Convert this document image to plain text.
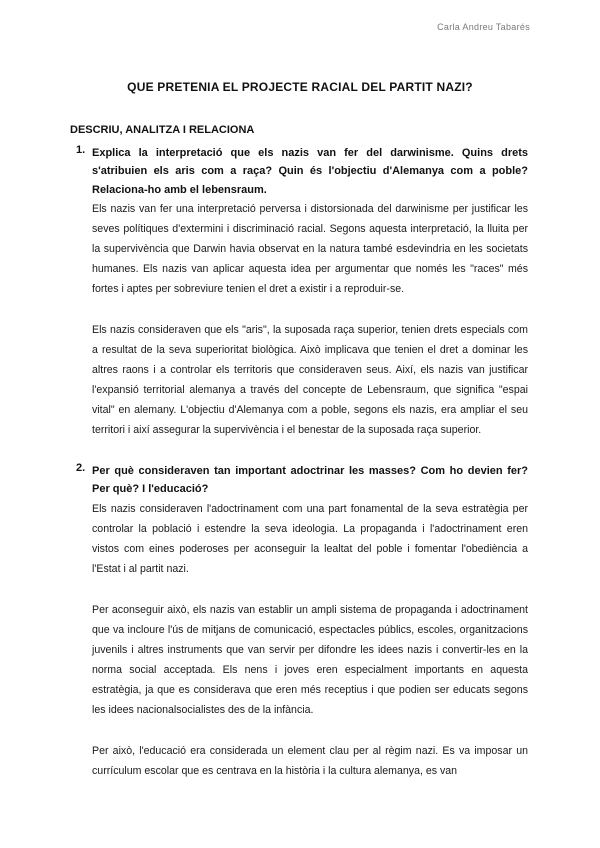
Carla Andreu Tabarés
QUE PRETENIA EL PROJECTE RACIAL DEL PARTIT NAZI?
DESCRIU, ANALITZA I RELACIONA
1. Explica la interpretació que els nazis van fer del darwinisme. Quins drets s'atribuien els aris com a raça? Quin és l'objectiu d'Alemanya com a poble? Relaciona-ho amb el lebensraum.

Els nazis van fer una interpretació perversa i distorsionada del darwinisme per justificar les seves polítiques d'extermini i discriminació racial. Segons aquesta interpretació, la lluita per la supervivència que Darwin havia observat en la natura també esdevindria en les societats humanes. Els nazis van aplicar aquesta idea per argumentar que només les "races" més fortes i aptes per sobreviure tenien el dret a existir i a reproduir-se.

Els nazis consideraven que els "aris", la suposada raça superior, tenien drets especials com a resultat de la seva superioritat biològica. Això implicava que tenien el dret a dominar les altres raons i a controlar els territoris que consideraven seus. Així, els nazis van justificar l'expansió territorial alemanya a través del concepte de Lebensraum, que significa "espai vital" en alemany. L'objectiu d'Alemanya com a poble, segons els nazis, era ampliar el seu territori i així assegurar la supervivència i el benestar de la suposada raça superior.

2. Per què consideraven tan important adoctrinar les masses? Com ho devien fer? Per què? I l'educació?

Els nazis consideraven l'adoctrinament com una part fonamental de la seva estratègia per controlar la població i estendre la seva ideologia. La propaganda i l'adoctrinament eren vistos com eines poderoses per aconseguir la lealtat del poble i fomentar l'obediència a l'Estat i al partit nazi.

Per aconseguir això, els nazis van establir un ampli sistema de propaganda i adoctrinament que va incloure l'ús de mitjans de comunicació, espectacles públics, escoles, organitzacions juvenils i altres instruments que van servir per difondre les idees nazis i convertir-les en la norma social acceptada. Els nens i joves eren especialment importants en aquesta estratègia, ja que es considerava que eren més receptius i que podien ser educats segons les idees nacionalsocialistes des de la infància.

Per això, l'educació era considerada un element clau per al règim nazi. Es va imposar un currículum escolar que es centrava en la història i la cultura alemanya, es van
